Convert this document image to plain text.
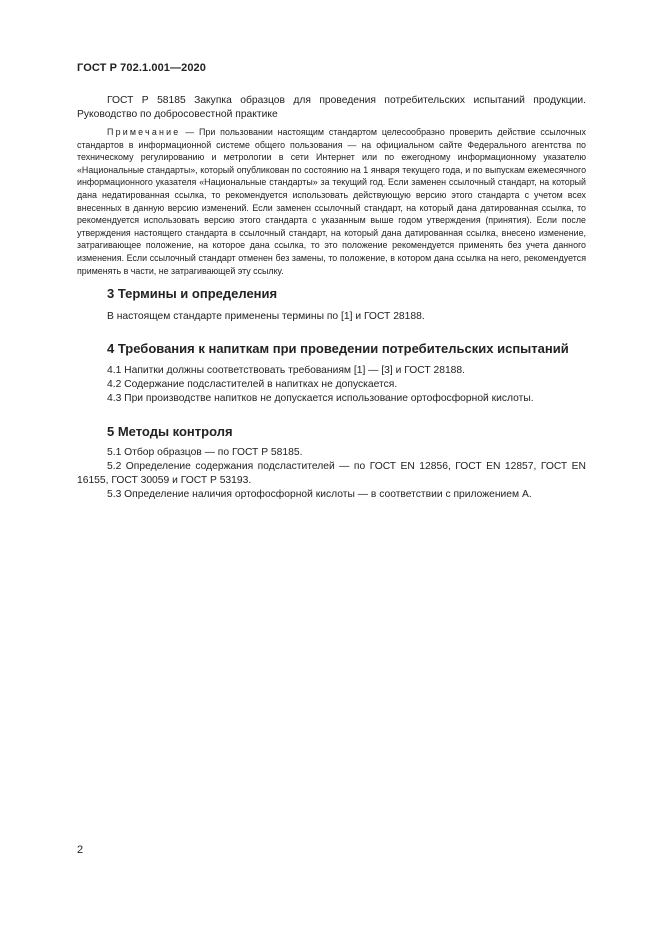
ГОСТ Р 702.1.001—2020
ГОСТ Р 58185 Закупка образцов для проведения потребительских испытаний продукции. Руководство по добросовестной практике
Примечание — При пользовании настоящим стандартом целесообразно проверить действие ссылочных стандартов в информационной системе общего пользования — на официальном сайте Федерального агентства по техническому регулированию и метрологии в сети Интернет или по ежегодному информационному указателю «Национальные стандарты», который опубликован по состоянию на 1 января текущего года, и по выпускам ежемесячного информационного указателя «Национальные стандарты» за текущий год. Если заменен ссылочный стандарт, на который дана недатированная ссылка, то рекомендуется использовать действующую версию этого стандарта с учетом всех внесенных в данную версию изменений. Если заменен ссылочный стандарт, на который дана датированная ссылка, то рекомендуется использовать версию этого стандарта с указанным выше годом утверждения (принятия). Если после утверждения настоящего стандарта в ссылочный стандарт, на который дана датированная ссылка, внесено изменение, затрагивающее положение, на которое дана ссылка, то это положение рекомендуется применять без учета данного изменения. Если ссылочный стандарт отменен без замены, то положение, в котором дана ссылка на него, рекомендуется применять в части, не затрагивающей эту ссылку.
3 Термины и определения
В настоящем стандарте применены термины по [1] и ГОСТ 28188.
4 Требования к напиткам при проведении потребительских испытаний
4.1 Напитки должны соответствовать требованиям [1] — [3] и ГОСТ 28188.
4.2 Содержание подсластителей в напитках не допускается.
4.3 При производстве напитков не допускается использование ортофосфорной кислоты.
5 Методы контроля
5.1 Отбор образцов — по ГОСТ Р 58185.
5.2 Определение содержания подсластителей — по ГОСТ EN 12856, ГОСТ EN 12857, ГОСТ EN 16155, ГОСТ 30059 и ГОСТ Р 53193.
5.3 Определение наличия ортофосфорной кислоты — в соответствии с приложением А.
2
